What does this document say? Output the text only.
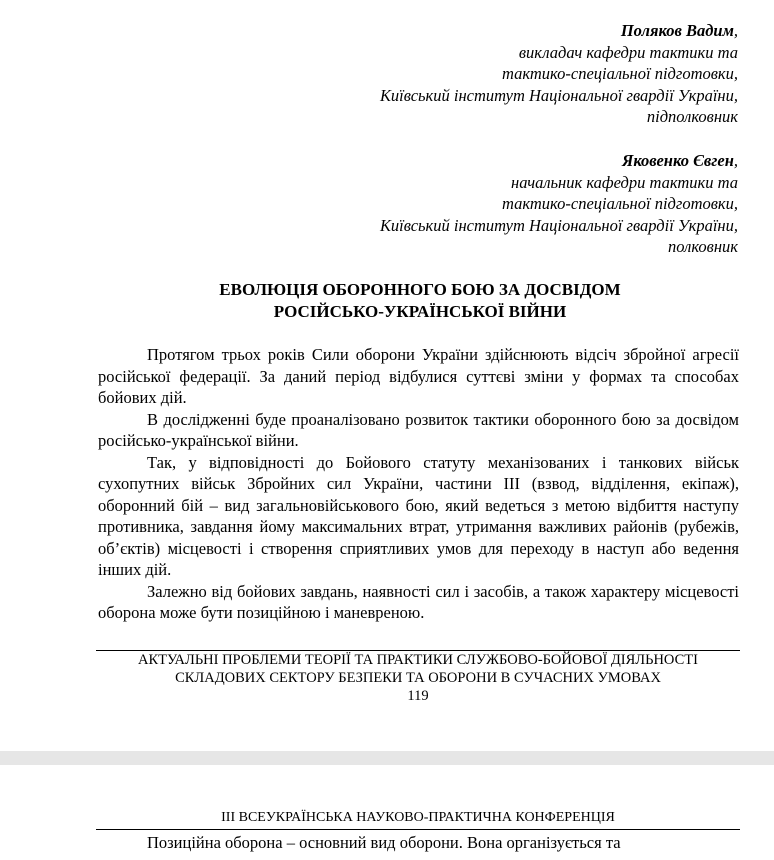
Поляков Вадим,
викладач кафедри тактики та
тактико-спеціальної підготовки,
Київський інститут Національної гвардії України,
підполковник
Яковенко Євген,
начальник кафедри тактики та
тактико-спеціальної підготовки,
Київський інститут Національної гвардії України,
полковник
ЕВОЛЮЦІЯ ОБОРОННОГО БОЮ ЗА ДОСВІДОМ
РОСІЙСЬКО-УКРАЇНСЬКОЇ ВІЙНИ

Протягом трьох років Сили оборони України здійснюють відсіч збройної агресії російської федерації. За даний період відбулися суттєві зміни у формах та способах бойових дій.

В дослідженні буде проаналізовано розвиток тактики оборонного бою за досвідом російсько-української війни.

Так, у відповідності до Бойового статуту механізованих і танкових військ сухопутних військ Збройних сил України, частини ІІІ (взвод, відділення, екіпаж), оборонний бій – вид загальновійськового бою, який ведеться з метою відбиття наступу противника, завдання йому максимальних втрат, утримання важливих районів (рубежів, об’єктів) місцевості і створення сприятливих умов для переходу в наступ або ведення інших дій.

Залежно від бойових завдань, наявності сил і засобів, а також характеру місцевості оборона може бути позиційною і маневреною.

АКТУАЛЬНІ ПРОБЛЕМИ ТЕОРІЇ ТА ПРАКТИКИ СЛУЖБОВО-БОЙОВОЇ ДІЯЛЬНОСТІ
СКЛАДОВИХ СЕКТОРУ БЕЗПЕКИ ТА ОБОРОНИ В СУЧАСНИХ УМОВАХ
119
ІІІ ВСЕУКРАЇНСЬКА НАУКОВО-ПРАКТИЧНА КОНФЕРЕНЦІЯ

Позиційна оборона – основний вид оборони. Вона організується та
